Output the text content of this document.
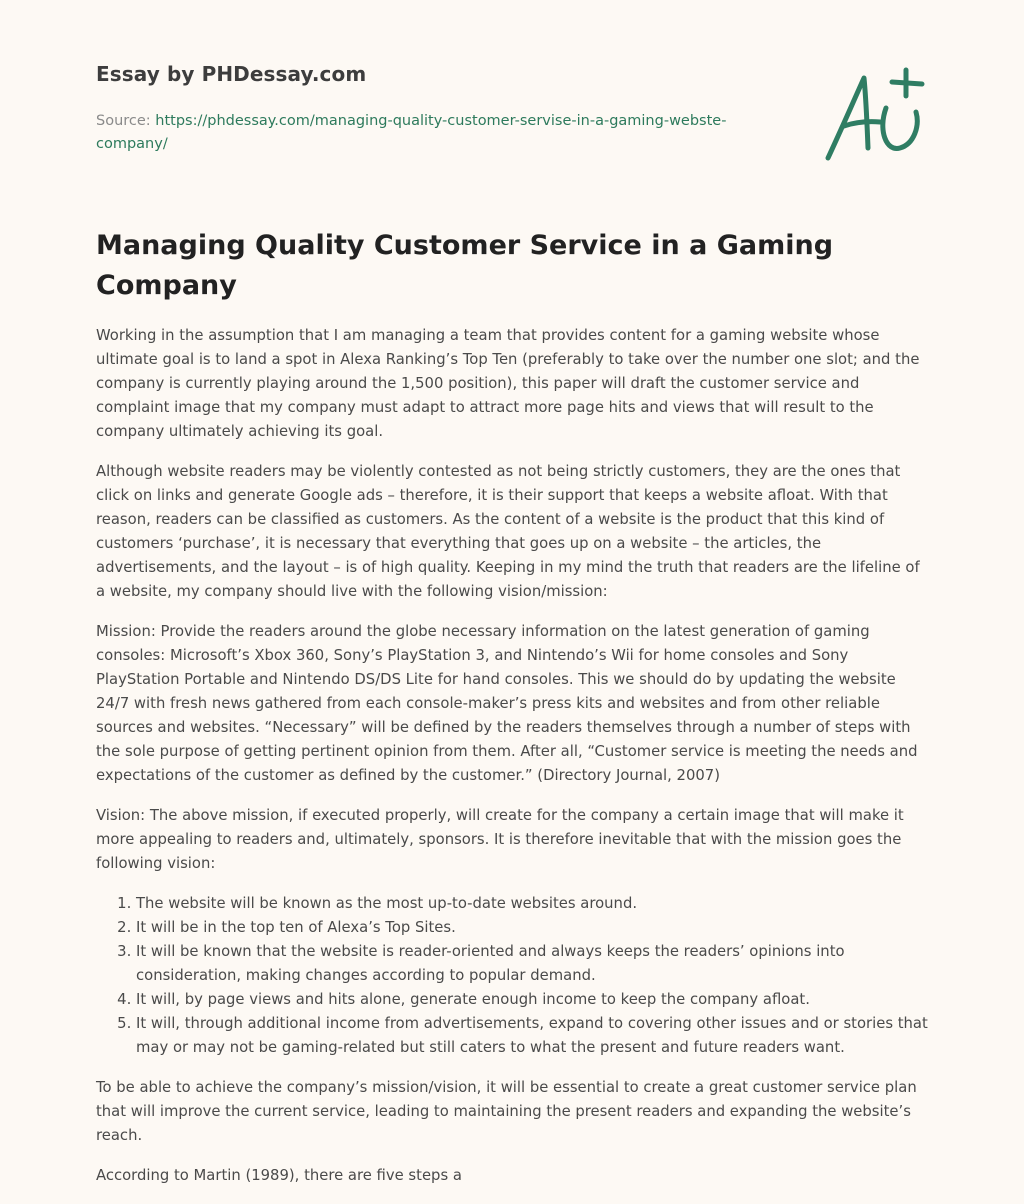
Essay by PHDessay.com
Source: https://phdessay.com/managing-quality-customer-servise-in-a-gaming-webste-company/
Managing Quality Customer Service in a Gaming Company

Working in the assumption that I am managing a team that provides content for a gaming website whose ultimate goal is to land a spot in Alexa Ranking’s Top Ten (preferably to take over the number one slot; and the company is currently playing around the 1,500 position), this paper will draft the customer service and complaint image that my company must adapt to attract more page hits and views that will result to the company ultimately achieving its goal.

Although website readers may be violently contested as not being strictly customers, they are the ones that click on links and generate Google ads – therefore, it is their support that keeps a website afloat. With that reason, readers can be classified as customers. As the content of a website is the product that this kind of customers ‘purchase’, it is necessary that everything that goes up on a website – the articles, the advertisements, and the layout – is of high quality. Keeping in my mind the truth that readers are the lifeline of a website, my company should live with the following vision/mission:

Mission: Provide the readers around the globe necessary information on the latest generation of gaming consoles: Microsoft’s Xbox 360, Sony’s PlayStation 3, and Nintendo’s Wii for home consoles and Sony PlayStation Portable and Nintendo DS/DS Lite for hand consoles. This we should do by updating the website 24/7 with fresh news gathered from each console-maker’s press kits and websites and from other reliable sources and websites. “Necessary” will be defined by the readers themselves through a number of steps with the sole purpose of getting pertinent opinion from them. After all, “Customer service is meeting the needs and expectations of the customer as defined by the customer.” (Directory Journal, 2007)

Vision: The above mission, if executed properly, will create for the company a certain image that will make it more appealing to readers and, ultimately, sponsors. It is therefore inevitable that with the mission goes the following vision:

1. The website will be known as the most up-to-date websites around.
2. It will be in the top ten of Alexa’s Top Sites.
3. It will be known that the website is reader-oriented and always keeps the readers’ opinions into consideration, making changes according to popular demand.
4. It will, by page views and hits alone, generate enough income to keep the company afloat.
5. It will, through additional income from advertisements, expand to covering other issues and or stories that may or may not be gaming-related but still caters to what the present and future readers want.

To be able to achieve the company’s mission/vision, it will be essential to create a great customer service plan that will improve the current service, leading to maintaining the present readers and expanding the website’s reach.

According to Martin (1989), there are five steps a
